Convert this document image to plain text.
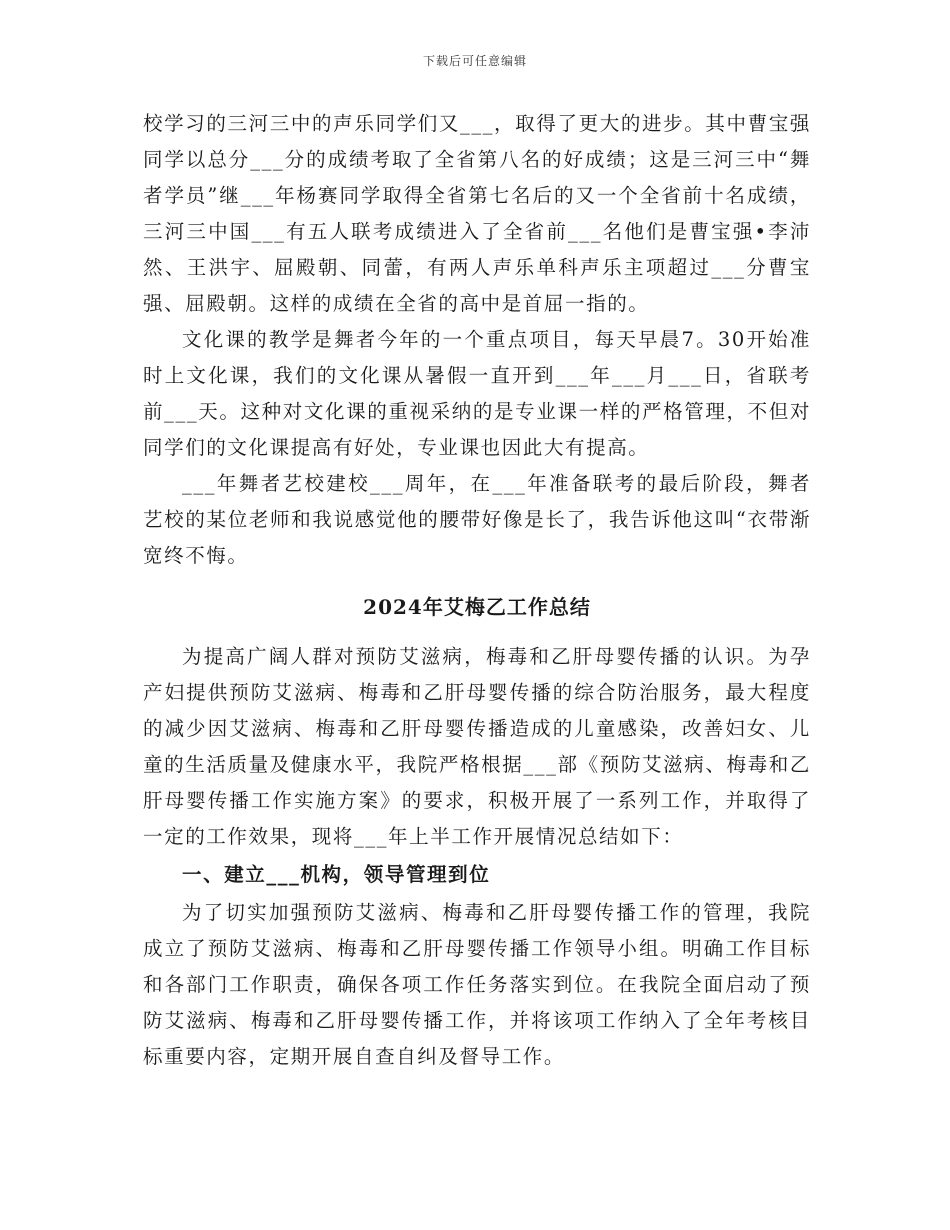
下载后可任意编辑

校学习的三河三中的声乐同学们又___，取得了更大的进步。其中曹宝强同学以总分___分的成绩考取了全省第八名的好成绩；这是三河三中“舞者学员”继___年杨赛同学取得全省第七名后的又一个全省前十名成绩，三河三中国___有五人联考成绩进入了全省前___名他们是曹宝强•李沛然、王洪宇、屈殿朝、同蕾，有两人声乐单科声乐主项超过___分曹宝强、屈殿朝。这样的成绩在全省的高中是首屈一指的。

文化课的教学是舞者今年的一个重点项目，每天早晨7。30开始准时上文化课，我们的文化课从暑假一直开到___年___月___日，省联考前___天。这种对文化课的重视采纳的是专业课一样的严格管理，不但对同学们的文化课提高有好处，专业课也因此大有提高。

___年舞者艺校建校___周年，在___年准备联考的最后阶段，舞者艺校的某位老师和我说感觉他的腰带好像是长了，我告诉他这叫“衣带渐宽终不悔。

2024年艾梅乙工作总结

为提高广阔人群对预防艾滋病，梅毒和乙肝母婴传播的认识。为孕产妇提供预防艾滋病、梅毒和乙肝母婴传播的综合防治服务，最大程度的减少因艾滋病、梅毒和乙肝母婴传播造成的儿童感染，改善妇女、儿童的生活质量及健康水平，我院严格根据___部《预防艾滋病、梅毒和乙肝母婴传播工作实施方案》的要求，积极开展了一系列工作，并取得了一定的工作效果，现将___年上半工作开展情况总结如下：

一、建立___机构，领导管理到位

为了切实加强预防艾滋病、梅毒和乙肝母婴传播工作的管理，我院成立了预防艾滋病、梅毒和乙肝母婴传播工作领导小组。明确工作目标和各部门工作职责，确保各项工作任务落实到位。在我院全面启动了预防艾滋病、梅毒和乙肝母婴传播工作，并将该项工作纳入了全年考核目标重要内容，定期开展自查自纠及督导工作。
